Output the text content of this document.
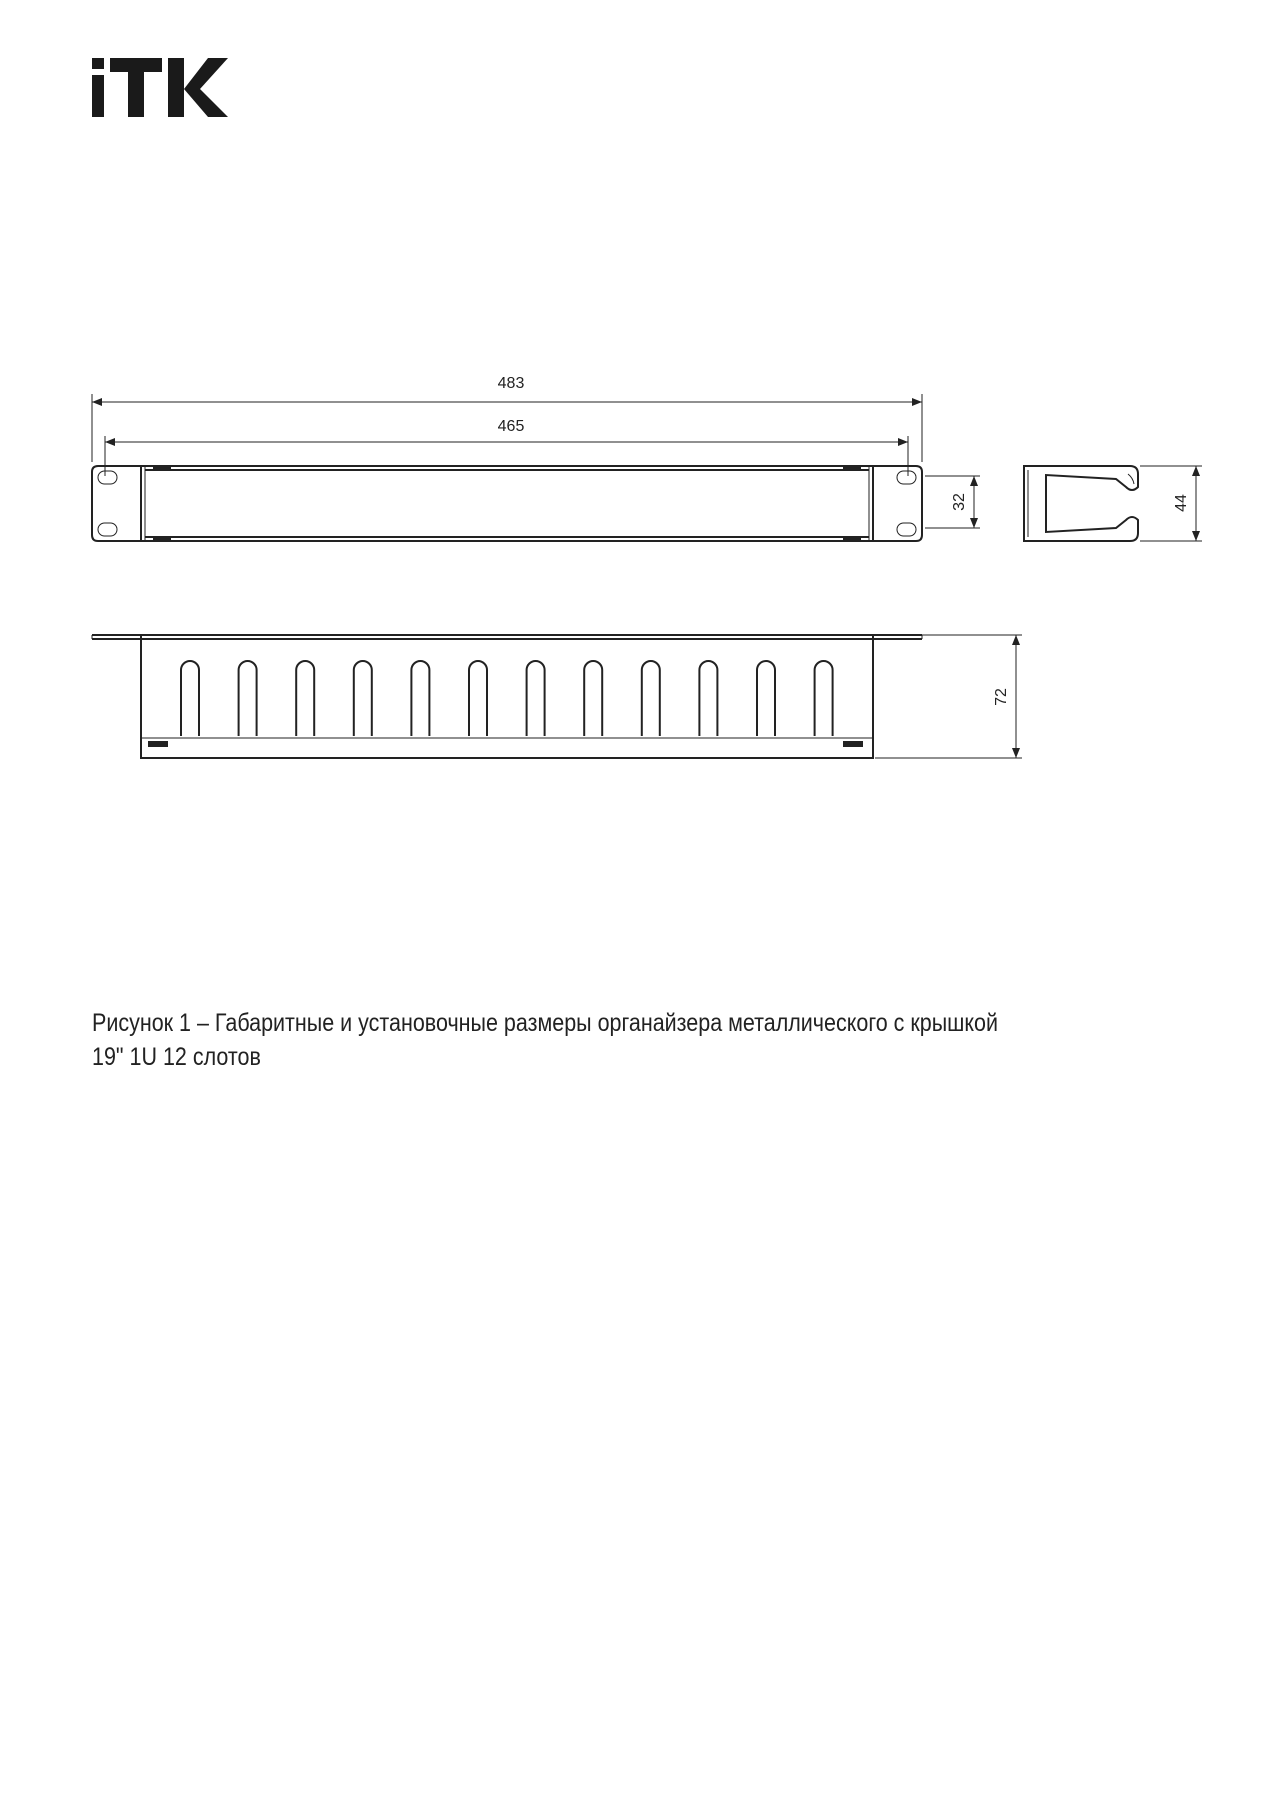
483
465
32	44
72
Рисунок 1 – Габаритные и установочные размеры органайзера металлического с крышкой
19" 1U 12 слотов
